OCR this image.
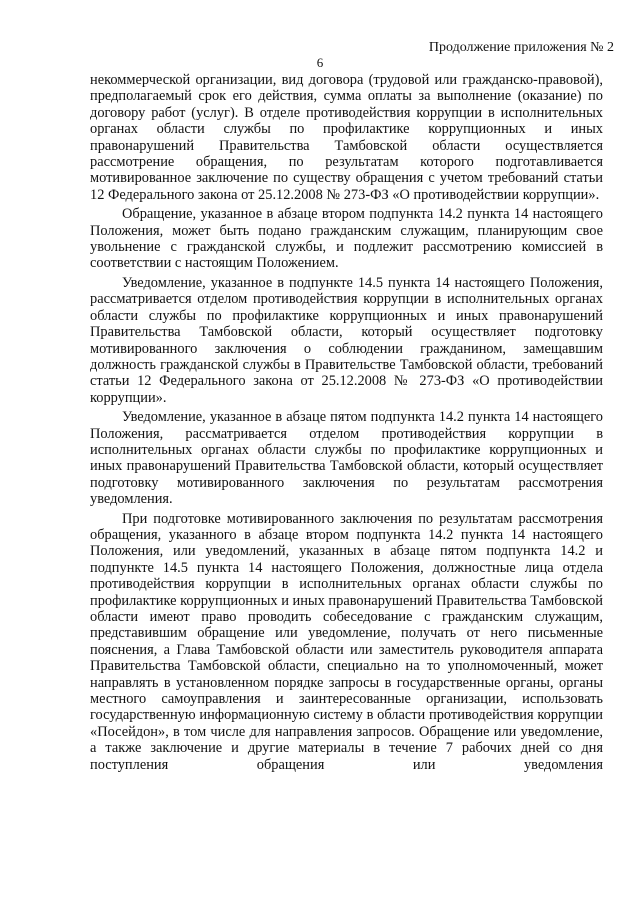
Продолжение приложения № 2
6

некоммерческой организации, вид договора (трудовой или гражданско-правовой), предполагаемый срок его действия, сумма оплаты за выполнение (оказание) по договору работ (услуг). В отделе противодействия коррупции в исполнительных органах области службы по профилактике коррупционных и иных правонарушений Правительства Тамбовской области осуществляется рассмотрение обращения, по результатам которого подготавливается мотивированное заключение по существу обращения с учетом требований статьи 12 Федерального закона от 25.12.2008 № 273-ФЗ «О противодействии коррупции».

Обращение, указанное в абзаце втором подпункта 14.2 пункта 14 настоящего Положения, может быть подано гражданским служащим, планирующим свое увольнение с гражданской службы, и подлежит рассмотрению комиссией в соответствии с настоящим Положением.

Уведомление, указанное в подпункте 14.5 пункта 14 настоящего Положения, рассматривается отделом противодействия коррупции в исполнительных органах области службы по профилактике коррупционных и иных правонарушений Правительства Тамбовской области, который осуществляет подготовку мотивированного заключения о соблюдении гражданином, замещавшим должность гражданской службы в Правительстве Тамбовской области, требований статьи 12 Федерального закона от 25.12.2008 № 273-ФЗ «О противодействии коррупции».

Уведомление, указанное в абзаце пятом подпункта 14.2 пункта 14 настоящего Положения, рассматривается отделом противодействия коррупции в исполнительных органах области службы по профилактике коррупционных и иных правонарушений Правительства Тамбовской области, который осуществляет подготовку мотивированного заключения по результатам рассмотрения уведомления.

При подготовке мотивированного заключения по результатам рассмотрения обращения, указанного в абзаце втором подпункта 14.2 пункта 14 настоящего Положения, или уведомлений, указанных в абзаце пятом подпункта 14.2 и подпункте 14.5 пункта 14 настоящего Положения, должностные лица отдела противодействия коррупции в исполнительных органах области службы по профилактике коррупционных и иных правонарушений Правительства Тамбовской области имеют право проводить собеседование с гражданским служащим, представившим обращение или уведомление, получать от него письменные пояснения, а Глава Тамбовской области или заместитель руководителя аппарата Правительства Тамбовской области, специально на то уполномоченный, может направлять в установленном порядке запросы в государственные органы, органы местного самоуправления и заинтересованные организации, использовать государственную информационную систему в области противодействия коррупции «Посейдон», в том числе для направления запросов. Обращение или уведомление, а также заключение и другие материалы в течение 7 рабочих дней со дня поступления обращения или уведомления
